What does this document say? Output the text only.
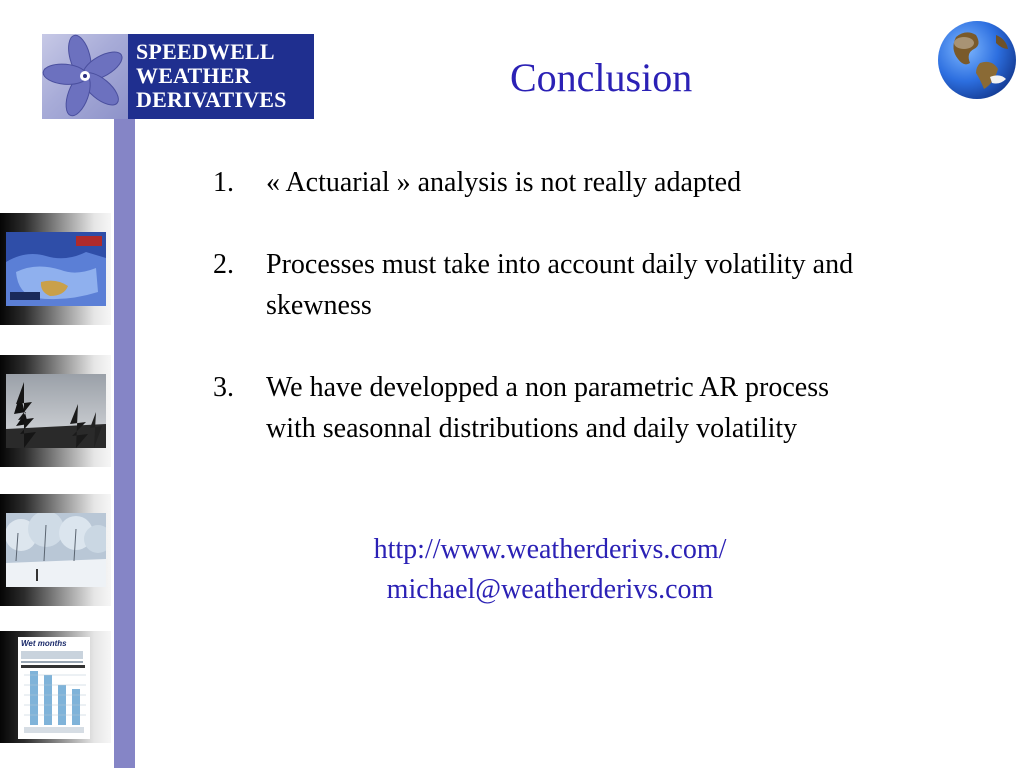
SPEEDWELL
WEATHER
DERIVATIVES
Wet months
Conclusion
1.	« Actuarial » analysis is not really adapted
2.	Processes must take into account daily volatility and skewness
3.	We have developped a non parametric AR process with seasonnal distributions and daily volatility
http://www.weatherderivs.com/
michael@weatherderivs.com
